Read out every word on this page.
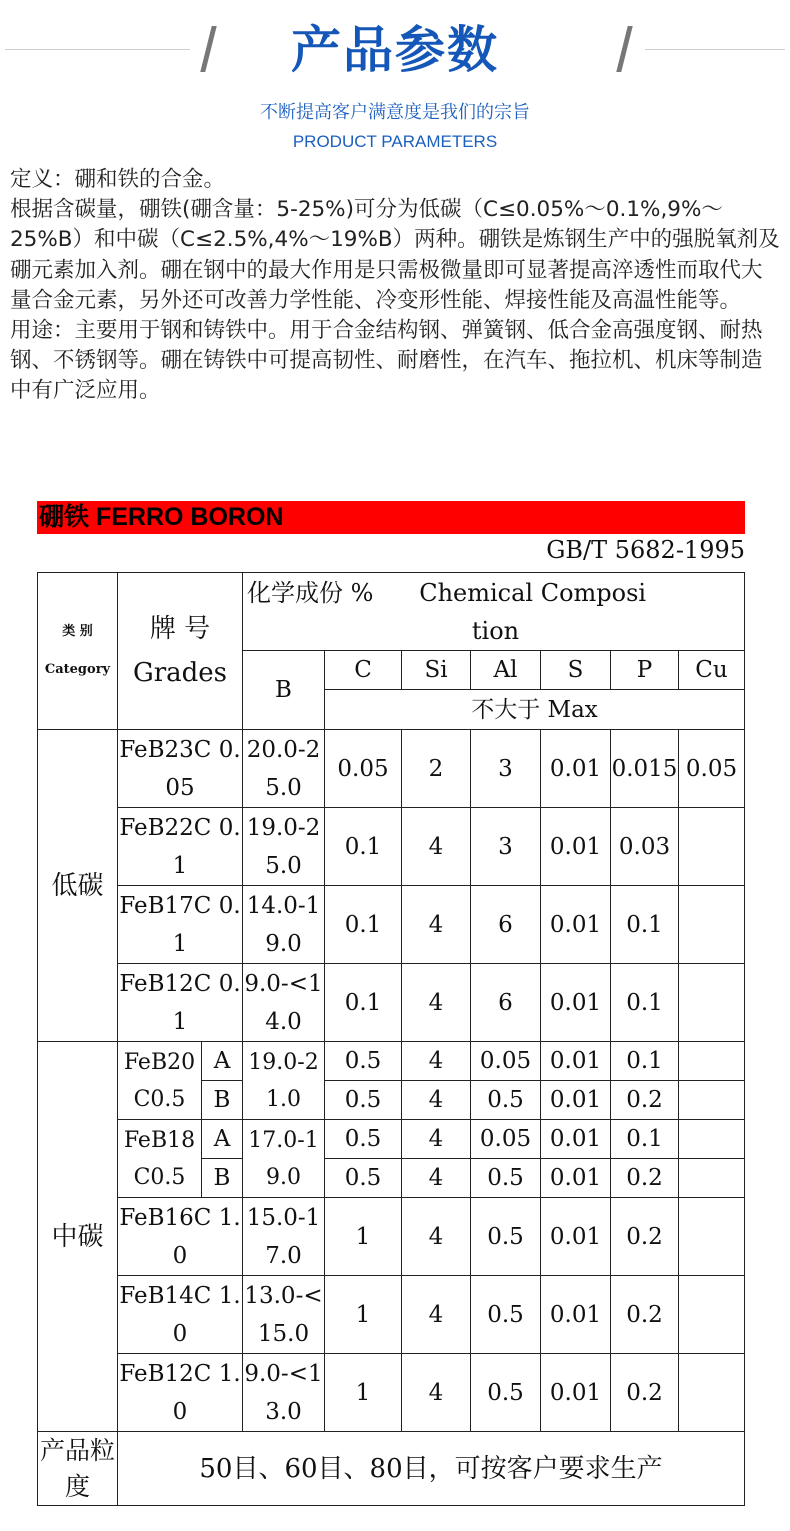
产品参数
不断提高客户满意度是我们的宗旨
PRODUCT PARAMETERS

定义：硼和铁的合金。

根据含碳量，硼铁(硼含量：5-25%)可分为低碳（C≤0.05%～0.1%,9%～25%B）和中碳（C≤2.5%,4%～19%B）两种。硼铁是炼钢生产中的强脱氧剂及硼元素加入剂。硼在钢中的最大作用是只需极微量即可显著提高淬透性而取代大量合金元素，另外还可改善力学性能、冷变形性能、焊接性能及高温性能等。

用途：主要用于钢和铸铁中。用于合金结构钢、弹簧钢、低合金高强度钢、耐热钢、不锈钢等。硼在铸铁中可提高韧性、耐磨性，在汽车、拖拉机、机床等制造中有广泛应用。

硼铁 FERRO BORON
GB/T 5682-1995
类 别
Category	牌 号
Grades		化学成份 % Chemical Composi
tion						

			B	C	Si	Al	S	P	Cu
				不大于 Max					
低碳	FeB23C 0.05		20.0-25.0	0.05	2	3	0.01	0.015	0.05
	FeB22C 0.1		19.0-25.0	0.1	4	3	0.01	0.03	
	FeB17C 0.1		14.0-19.0	0.1	4	6	0.01	0.1	
	FeB12C 0.1		9.0-<14.0	0.1	4	6	0.01	0.1	
中碳	FeB20C0.5	A	19.0-21.0	0.5	4	0.05	0.01	0.1	
		B		0.5	4	0.5	0.01	0.2	
	FeB18C0.5	A	17.0-19.0	0.5	4	0.05	0.01	0.1	
		B		0.5	4	0.5	0.01	0.2	
	FeB16C 1.0		15.0-17.0	1	4	0.5	0.01	0.2	
	FeB14C 1.0		13.0-<15.0	1	4	0.5	0.01	0.2	
	FeB12C 1.0		9.0-<13.0	1	4	0.5	0.01	0.2	
产品粒度	50目、60目、80目，可按客户要求生产								
